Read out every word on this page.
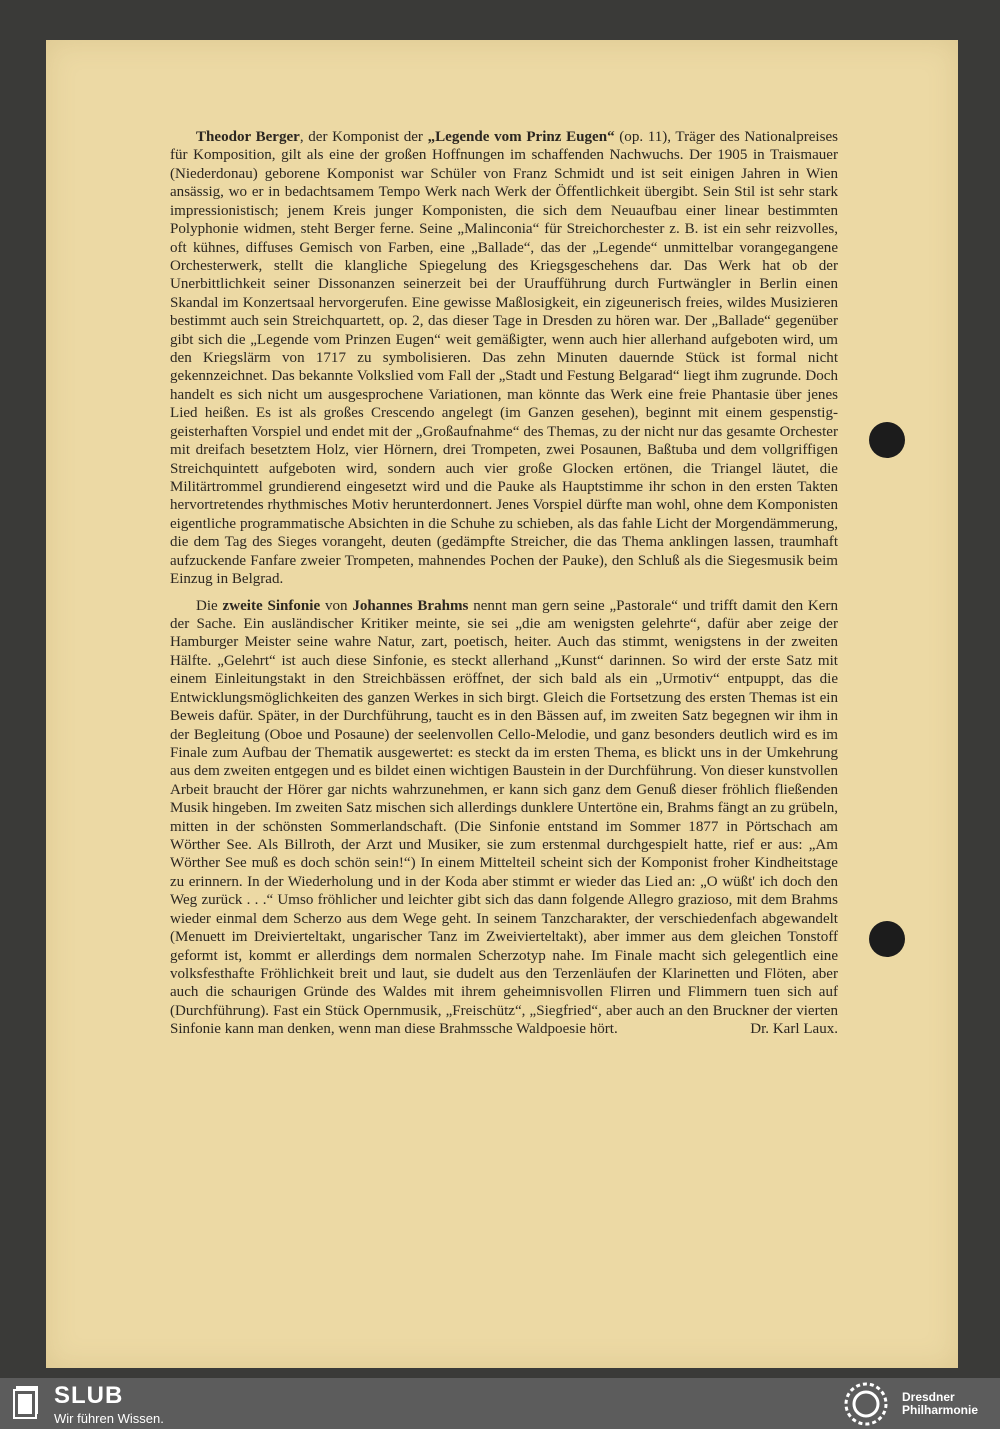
Theodor Berger, der Komponist der „Legende vom Prinz Eugen“ (op. 11), Träger des Nationalpreises für Komposition, gilt als eine der großen Hoffnungen im schaffenden Nachwuchs. Der 1905 in Traismauer (Niederdonau) geborene Komponist war Schüler von Franz Schmidt und ist seit einigen Jahren in Wien ansässig, wo er in bedachtsamem Tempo Werk nach Werk der Öffentlichkeit übergibt. Sein Stil ist sehr stark impressionistisch; jenem Kreis junger Komponisten, die sich dem Neuaufbau einer linear bestimmten Polyphonie widmen, steht Berger ferne. Seine „Malinconia“ für Streichorchester z. B. ist ein sehr reizvolles, oft kühnes, diffuses Gemisch von Farben, eine „Ballade“, das der „Legende“ unmittelbar vorangegangene Orchesterwerk, stellt die klangliche Spiegelung des Kriegsgeschehens dar. Das Werk hat ob der Unerbittlichkeit seiner Dissonanzen seinerzeit bei der Uraufführung durch Furtwängler in Berlin einen Skandal im Konzertsaal hervorgerufen. Eine gewisse Maßlosigkeit, ein zigeunerisch freies, wildes Musizieren bestimmt auch sein Streichquartett, op. 2, das dieser Tage in Dresden zu hören war. Der „Ballade“ gegenüber gibt sich die „Legende vom Prinzen Eugen“ weit gemäßigter, wenn auch hier allerhand aufgeboten wird, um den Kriegslärm von 1717 zu symbolisieren. Das zehn Minuten dauernde Stück ist formal nicht gekennzeichnet. Das bekannte Volkslied vom Fall der „Stadt und Festung Belgarad“ liegt ihm zugrunde. Doch handelt es sich nicht um ausgesprochene Variationen, man könnte das Werk eine freie Phantasie über jenes Lied heißen. Es ist als großes Crescendo angelegt (im Ganzen gesehen), beginnt mit einem gespenstig-geisterhaften Vorspiel und endet mit der „Großaufnahme“ des Themas, zu der nicht nur das gesamte Orchester mit dreifach besetztem Holz, vier Hörnern, drei Trompeten, zwei Posaunen, Baßtuba und dem vollgriffigen Streichquintett aufgeboten wird, sondern auch vier große Glocken ertönen, die Triangel läutet, die Militärtrommel grundierend eingesetzt wird und die Pauke als Hauptstimme ihr schon in den ersten Takten hervortretendes rhythmisches Motiv herunterdonnert. Jenes Vorspiel dürfte man wohl, ohne dem Komponisten eigentliche programmatische Absichten in die Schuhe zu schieben, als das fahle Licht der Morgendämmerung, die dem Tag des Sieges vorangeht, deuten (gedämpfte Streicher, die das Thema anklingen lassen, traumhaft aufzuckende Fanfare zweier Trompeten, mahnendes Pochen der Pauke), den Schluß als die Siegesmusik beim Einzug in Belgrad.

Die zweite Sinfonie von Johannes Brahms nennt man gern seine „Pastorale“ und trifft damit den Kern der Sache. Ein ausländischer Kritiker meinte, sie sei „die am wenigsten gelehrte“, dafür aber zeige der Hamburger Meister seine wahre Natur, zart, poetisch, heiter. Auch das stimmt, wenigstens in der zweiten Hälfte. „Gelehrt“ ist auch diese Sinfonie, es steckt allerhand „Kunst“ darinnen. So wird der erste Satz mit einem Einleitungstakt in den Streichbässen eröffnet, der sich bald als ein „Urmotiv“ entpuppt, das die Entwicklungsmöglichkeiten des ganzen Werkes in sich birgt. Gleich die Fortsetzung des ersten Themas ist ein Beweis dafür. Später, in der Durchführung, taucht es in den Bässen auf, im zweiten Satz begegnen wir ihm in der Begleitung (Oboe und Posaune) der seelenvollen Cello-Melodie, und ganz besonders deutlich wird es im Finale zum Aufbau der Thematik ausgewertet: es steckt da im ersten Thema, es blickt uns in der Umkehrung aus dem zweiten entgegen und es bildet einen wichtigen Baustein in der Durchführung. Von dieser kunstvollen Arbeit braucht der Hörer gar nichts wahrzunehmen, er kann sich ganz dem Genuß dieser fröhlich fließenden Musik hingeben. Im zweiten Satz mischen sich allerdings dunklere Untertöne ein, Brahms fängt an zu grübeln, mitten in der schönsten Sommerlandschaft. (Die Sinfonie entstand im Sommer 1877 in Pörtschach am Wörther See. Als Billroth, der Arzt und Musiker, sie zum erstenmal durchgespielt hatte, rief er aus: „Am Wörther See muß es doch schön sein!“) In einem Mittelteil scheint sich der Komponist froher Kindheitstage zu erinnern. In der Wiederholung und in der Koda aber stimmt er wieder das Lied an: „O wüßt' ich doch den Weg zurück . . .“ Umso fröhlicher und leichter gibt sich das dann folgende Allegro grazioso, mit dem Brahms wieder einmal dem Scherzo aus dem Wege geht. In seinem Tanzcharakter, der verschiedenfach abgewandelt (Menuett im Dreivierteltakt, ungarischer Tanz im Zweivierteltakt), aber immer aus dem gleichen Tonstoff geformt ist, kommt er allerdings dem normalen Scherzotyp nahe. Im Finale macht sich gelegentlich eine volksfesthafte Fröhlichkeit breit und laut, sie dudelt aus den Terzenläufen der Klarinetten und Flöten, aber auch die schaurigen Gründe des Waldes mit ihrem geheimnisvollen Flirren und Flimmern tuen sich auf (Durchführung). Fast ein Stück Opernmusik, „Freischütz“, „Siegfried“, aber auch an den Bruckner der vierten Sinfonie kann man denken, wenn man diese Brahmssche Waldpoesie hört.	Dr. Karl Laux.

SLUB
Wir führen Wissen.
Dresdner
Philharmonie
